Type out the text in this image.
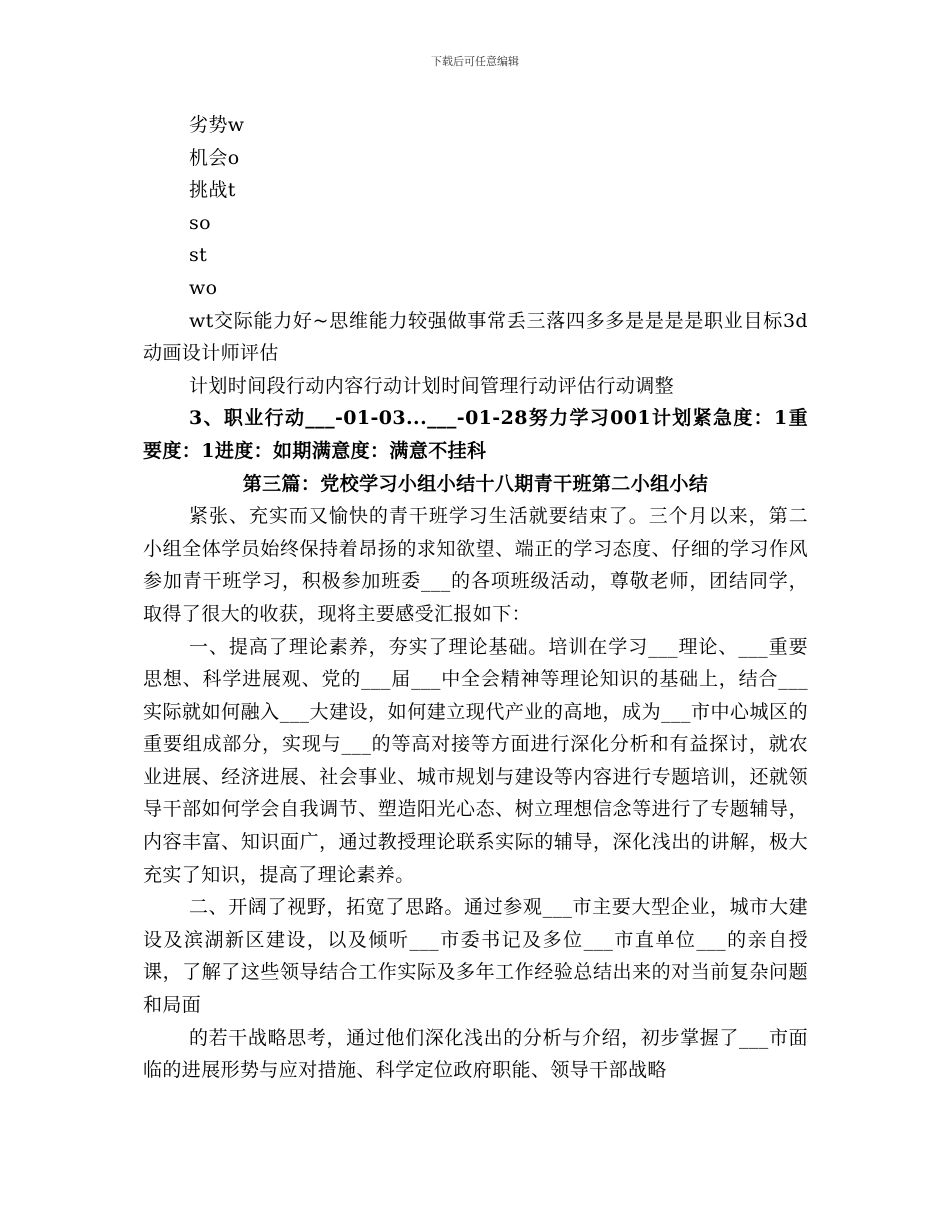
下载后可任意编辑

劣势w

机会o

挑战t

so

st

wo

wt交际能力好~思维能力较强做事常丢三落四多多是是是是职业目标3d动画设计师评估

计划时间段行动内容行动计划时间管理行动评估行动调整

3、职业行动___-01-03...___-01-28努力学习001计划紧急度：1重要度：1进度：如期满意度：满意不挂科

第三篇：党校学习小组小结十八期青干班第二小组小结

紧张、充实而又愉快的青干班学习生活就要结束了。三个月以来，第二小组全体学员始终保持着昂扬的求知欲望、端正的学习态度、仔细的学习作风参加青干班学习，积极参加班委___的各项班级活动，尊敬老师，团结同学，取得了很大的收获，现将主要感受汇报如下：

一、提高了理论素养，夯实了理论基础。培训在学习___理论、___重要思想、科学进展观、党的___届___中全会精神等理论知识的基础上，结合___实际就如何融入___大建设，如何建立现代产业的高地，成为___市中心城区的重要组成部分，实现与___的等高对接等方面进行深化分析和有益探讨，就农业进展、经济进展、社会事业、城市规划与建设等内容进行专题培训，还就领导干部如何学会自我调节、塑造阳光心态、树立理想信念等进行了专题辅导，内容丰富、知识面广，通过教授理论联系实际的辅导，深化浅出的讲解，极大充实了知识，提高了理论素养。

二、开阔了视野，拓宽了思路。通过参观___市主要大型企业，城市大建设及滨湖新区建设，以及倾听___市委书记及多位___市直单位___的亲自授课，了解了这些领导结合工作实际及多年工作经验总结出来的对当前复杂问题和局面

的若干战略思考，通过他们深化浅出的分析与介绍，初步掌握了___市面临的进展形势与应对措施、科学定位政府职能、领导干部战略
